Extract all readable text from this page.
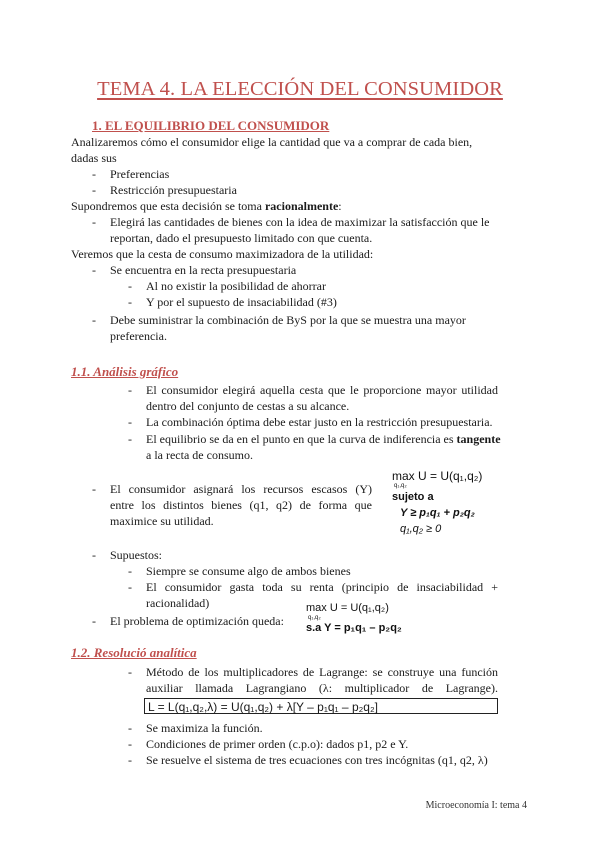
TEMA 4. LA ELECCIÓN DEL CONSUMIDOR
1. EL EQUILIBRIO DEL CONSUMIDOR
Analizaremos cómo el consumidor elige la cantidad que va a comprar de cada bien,
dadas sus
- Preferencias
- Restricción presupuestaria
Supondremos que esta decisión se toma racionalmente:
- Elegirá las cantidades de bienes con la idea de maximizar la satisfacción que le
reportan, dado el presupuesto limitado con que cuenta.
Veremos que la cesta de consumo maximizadora de la utilidad:
- Se encuentra en la recta presupuestaria
- Al no existir la posibilidad de ahorrar
- Y por el supuesto de insaciabilidad (#3)
- Debe suministrar la combinación de ByS por la que se muestra una mayor
preferencia.
1.1. Análisis gráfico
- El consumidor elegirá aquella cesta que le proporcione mayor utilidad
dentro del conjunto de cestas a su alcance.
- La combinación óptima debe estar justo en la restricción presupuestaria.
- El equilibrio se da en el punto en que la curva de indiferencia es tangente
a la recta de consumo.
- El consumidor asignará los recursos escasos (Y)
entre los distintos bienes (q1, q2) de forma que
maximice su utilidad.
max U = U(q₁,q₂)
q₁,q₂
sujeto a
Y ≥ p₁q₁ + p₂q₂
q₁,q₂ ≥ 0
- Supuestos:
- Siempre se consume algo de ambos bienes
- El consumidor gasta toda su renta (principio de insaciabilidad +
racionalidad)
- El problema de optimización queda:
max U = U(q₁,q₂)
q₁,q₂
s.a Y = p₁q₁ – p₂q₂
1.2. Resolució analítica
- Método de los multiplicadores de Lagrange: se construye una función
auxiliar llamada Lagrangiano (λ: multiplicador de Lagrange).
L = L(q₁,q₂,λ) = U(q₁,q₂) + λ[Y – p₁q₁ – p₂q₂]
- Se maximiza la función.
- Condiciones de primer orden (c.p.o): dados p1, p2 e Y.
- Se resuelve el sistema de tres ecuaciones con tres incógnitas (q1, q2, λ)
Microeconomía I: tema 4
